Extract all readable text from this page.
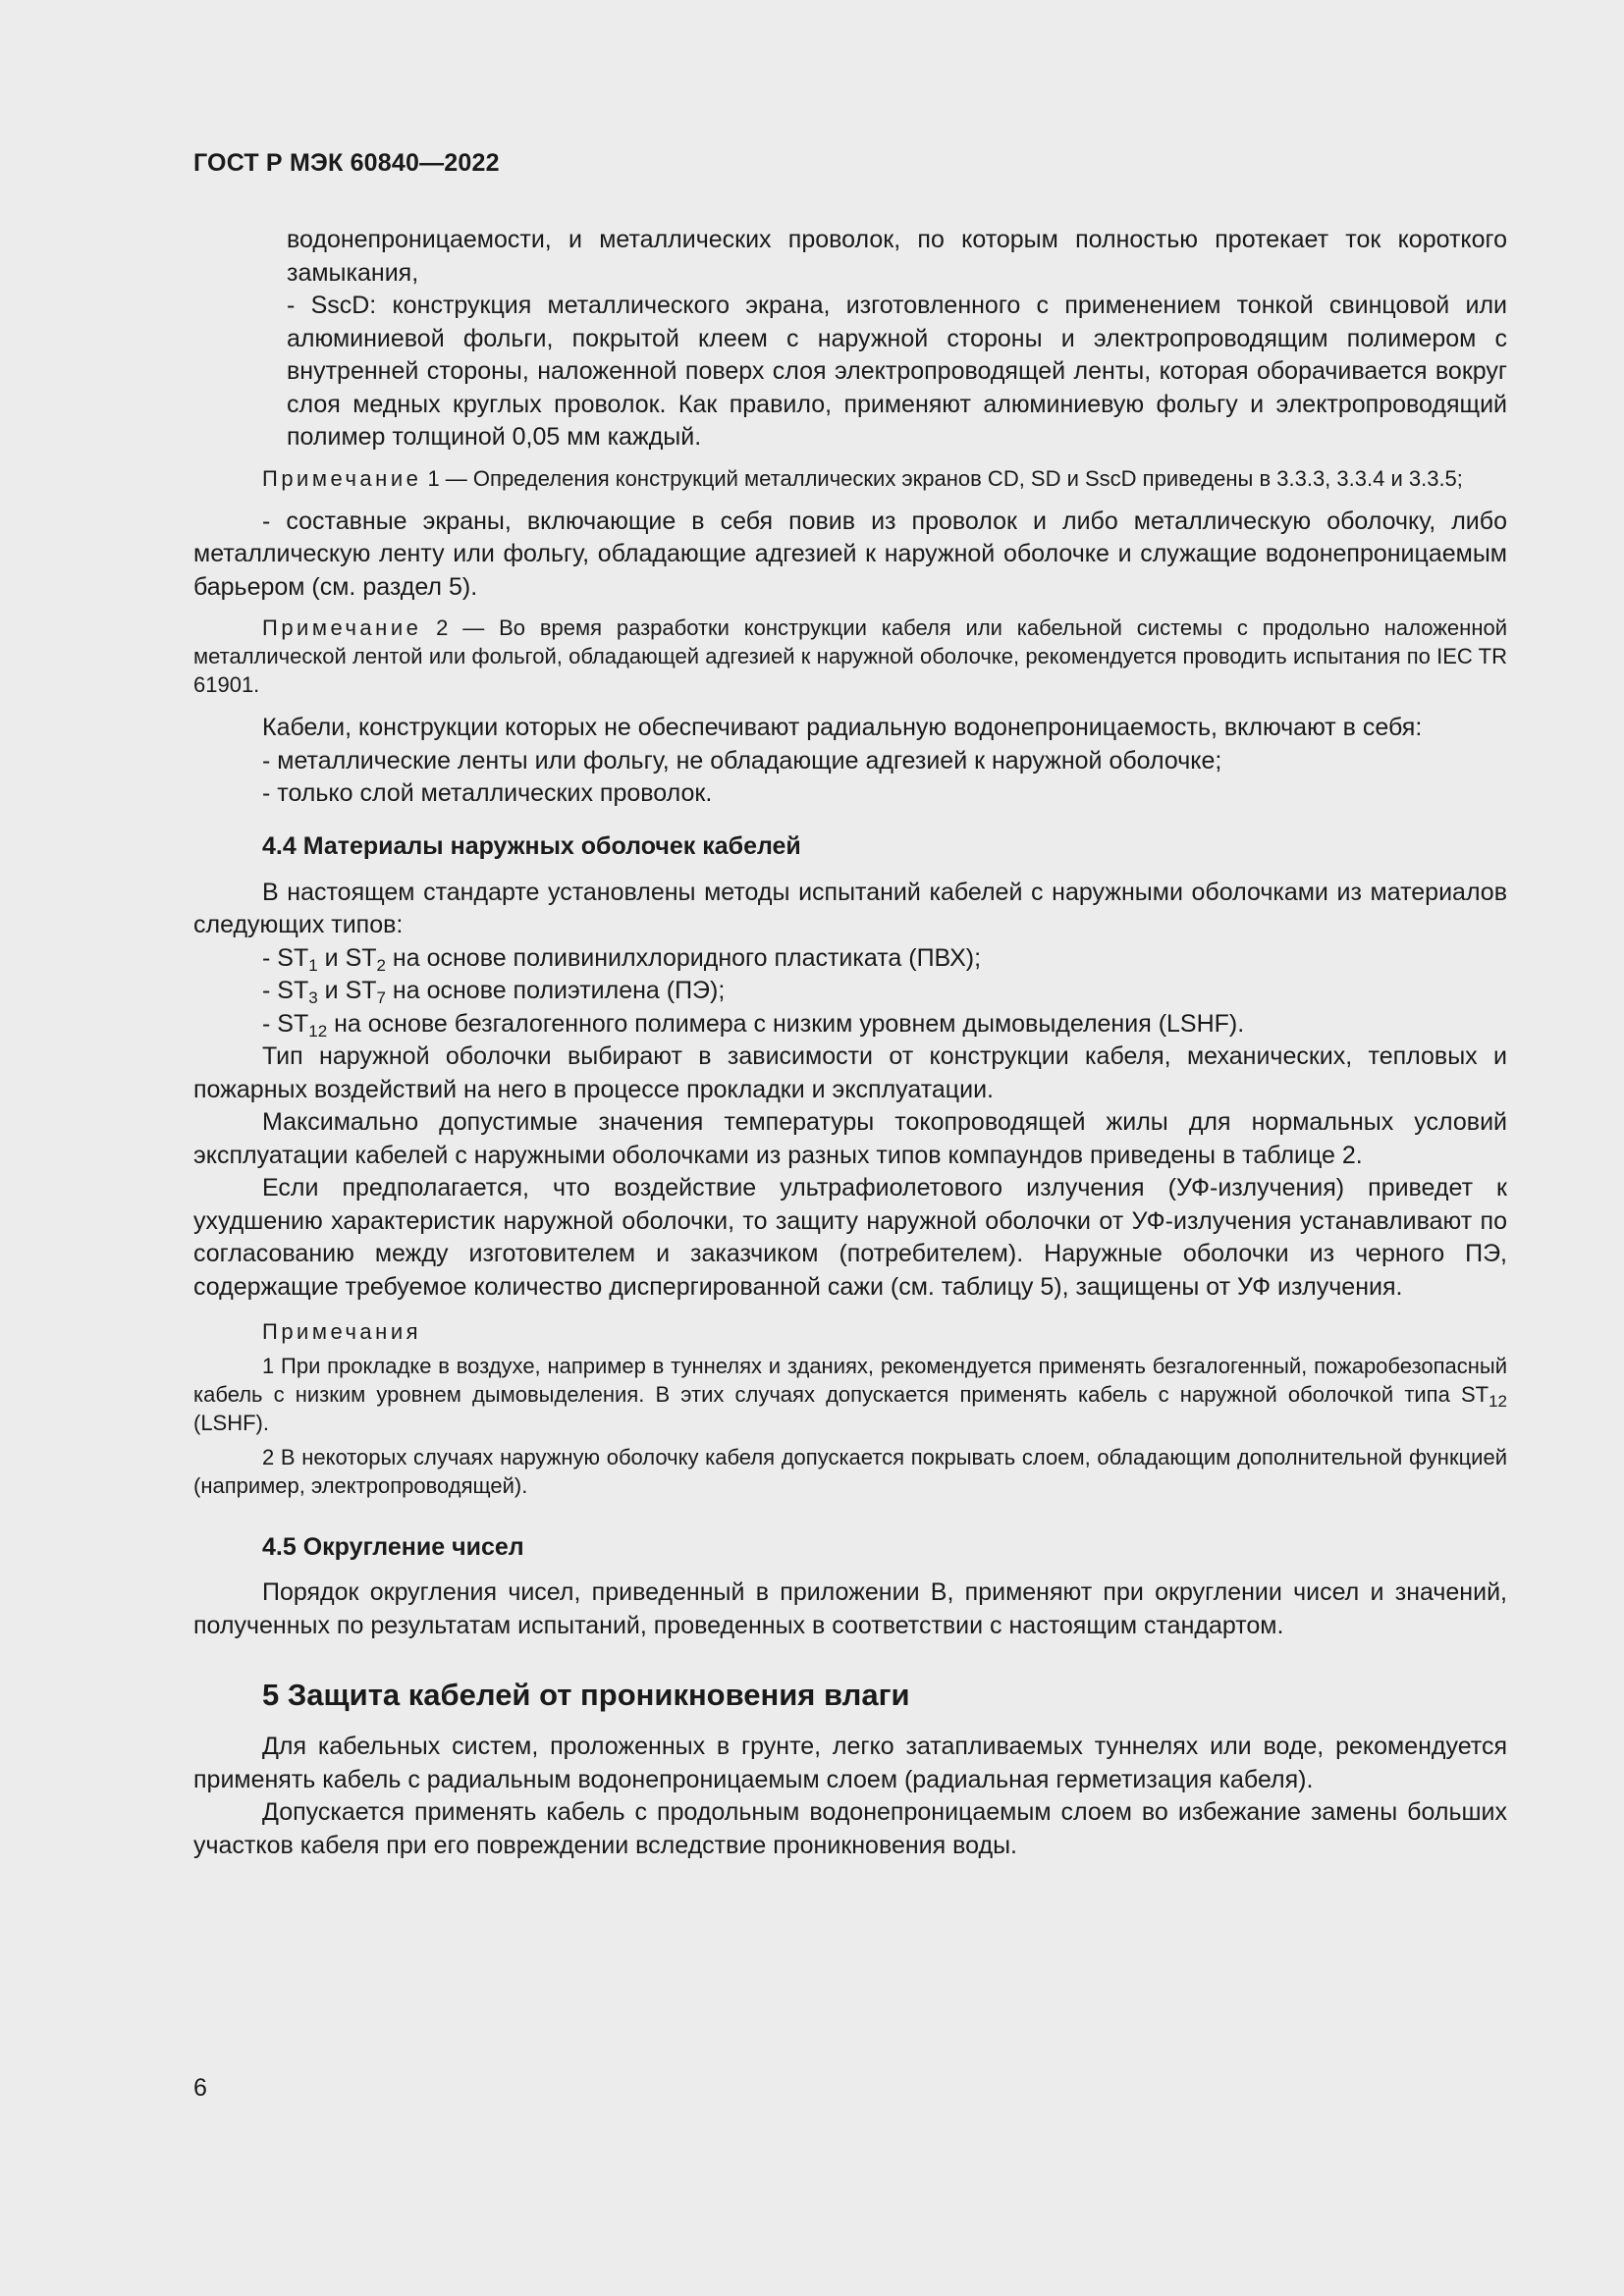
ГОСТ Р МЭК 60840—2022

водонепроницаемости, и металлических проволок, по которым полностью протекает ток короткого замыкания,

- SscD: конструкция металлического экрана, изготовленного с применением тонкой свинцовой или алюминиевой фольги, покрытой клеем с наружной стороны и электропроводящим полимером с внутренней стороны, наложенной поверх слоя электропроводящей ленты, которая оборачивается вокруг слоя медных круглых проволок. Как правило, применяют алюминиевую фольгу и электропроводящий полимер толщиной 0,05 мм каждый.

Примечание 1 — Определения конструкций металлических экранов CD, SD и SscD приведены в 3.3.3, 3.3.4 и 3.3.5;

- составные экраны, включающие в себя повив из проволок и либо металлическую оболочку, либо металлическую ленту или фольгу, обладающие адгезией к наружной оболочке и служащие водонепроницаемым барьером (см. раздел 5).

Примечание 2 — Во время разработки конструкции кабеля или кабельной системы с продольно наложенной металлической лентой или фольгой, обладающей адгезией к наружной оболочке, рекомендуется проводить испытания по IEC TR 61901.

Кабели, конструкции которых не обеспечивают радиальную водонепроницаемость, включают в себя:

- металлические ленты или фольгу, не обладающие адгезией к наружной оболочке;

- только слой металлических проволок.

4.4 Материалы наружных оболочек кабелей

В настоящем стандарте установлены методы испытаний кабелей с наружными оболочками из материалов следующих типов:

- $ST_1$ и $ST_2$ на основе поливинилхлоридного пластиката (ПВХ);

- $ST_3$ и $ST_7$ на основе полиэтилена (ПЭ);

- $ST_{12}$ на основе безгалогенного полимера с низким уровнем дымовыделения (LSHF).

Тип наружной оболочки выбирают в зависимости от конструкции кабеля, механических, тепловых и пожарных воздействий на него в процессе прокладки и эксплуатации.

Максимально допустимые значения температуры токопроводящей жилы для нормальных условий эксплуатации кабелей с наружными оболочками из разных типов компаундов приведены в таблице 2.

Если предполагается, что воздействие ультрафиолетового излучения (УФ-излучения) приведет к ухудшению характеристик наружной оболочки, то защиту наружной оболочки от УФ-излучения устанавливают по согласованию между изготовителем и заказчиком (потребителем). Наружные оболочки из черного ПЭ, содержащие требуемое количество диспергированной сажи (см. таблицу 5), защищены от УФ излучения.

Примечания

1 При прокладке в воздухе, например в туннелях и зданиях, рекомендуется применять безгалогенный, пожаробезопасный кабель с низким уровнем дымовыделения. В этих случаях допускается применять кабель с наружной оболочкой типа $ST_{12}$ (LSHF).

2 В некоторых случаях наружную оболочку кабеля допускается покрывать слоем, обладающим дополнительной функцией (например, электропроводящей).

4.5 Округление чисел

Порядок округления чисел, приведенный в приложении В, применяют при округлении чисел и значений, полученных по результатам испытаний, проведенных в соответствии с настоящим стандартом.

5 Защита кабелей от проникновения влаги

Для кабельных систем, проложенных в грунте, легко затапливаемых туннелях или воде, рекомендуется применять кабель с радиальным водонепроницаемым слоем (радиальная герметизация кабеля).

Допускается применять кабель с продольным водонепроницаемым слоем во избежание замены больших участков кабеля при его повреждении вследствие проникновения воды.

6
